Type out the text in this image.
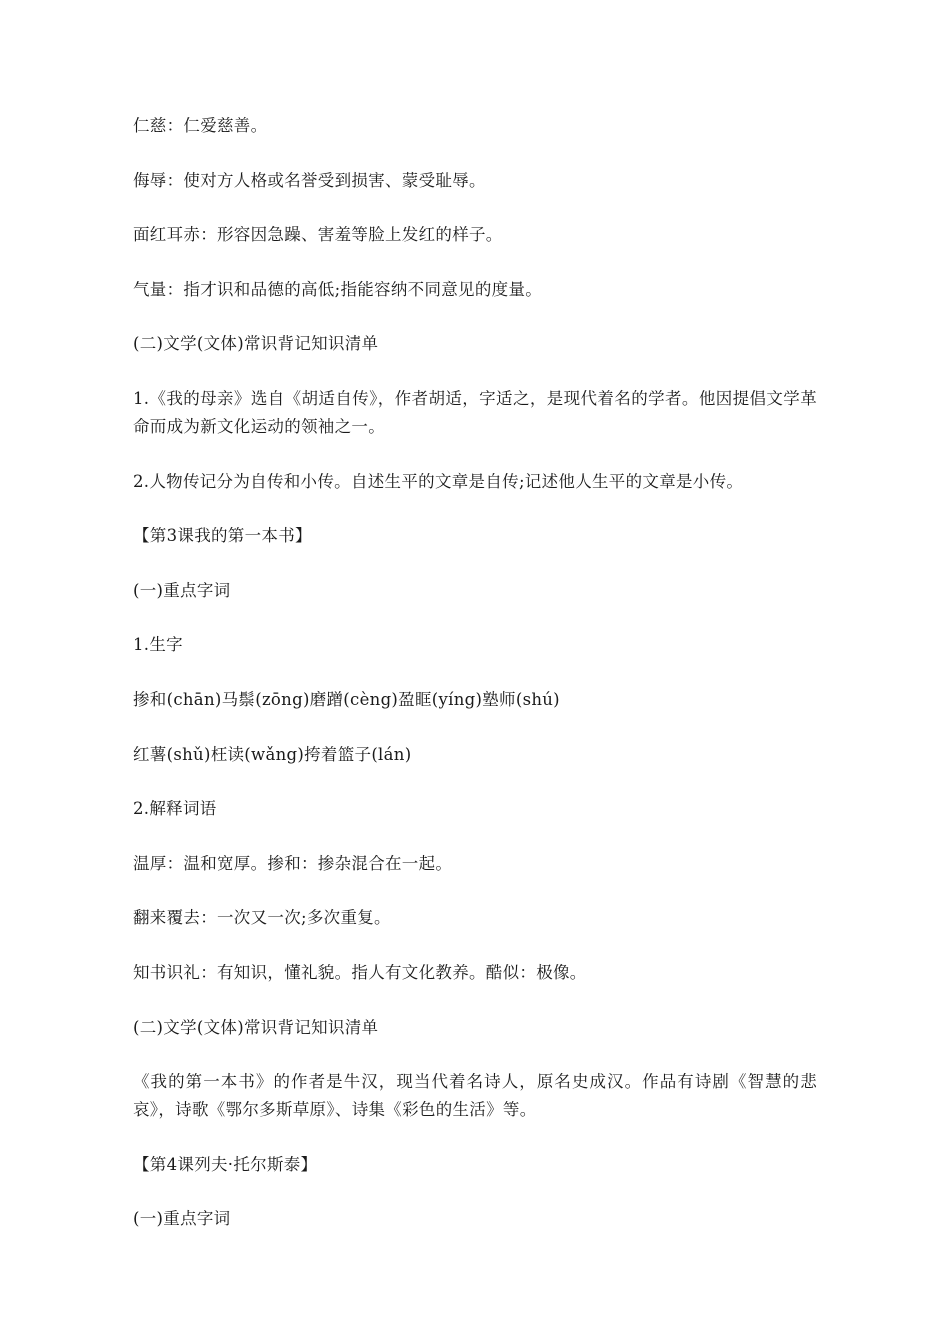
仁慈：仁爱慈善。

侮辱：使对方人格或名誉受到损害、蒙受耻辱。

面红耳赤：形容因急躁、害羞等脸上发红的样子。

气量：指才识和品德的高低;指能容纳不同意见的度量。

(二)文学(文体)常识背记知识清单

1.《我的母亲》选自《胡适自传》，作者胡适，字适之，是现代着名的学者。他因提倡文学革命而成为新文化运动的领袖之一。

2.人物传记分为自传和小传。自述生平的文章是自传;记述他人生平的文章是小传。

【第3课我的第一本书】

(一)重点字词

1.生字

掺和(chān)马鬃(zōng)磨蹭(cèng)盈眶(yíng)塾师(shú)

红薯(shǔ)枉读(wǎng)挎着篮子(lán)

2.解释词语

温厚：温和宽厚。掺和：掺杂混合在一起。

翻来覆去：一次又一次;多次重复。

知书识礼：有知识，懂礼貌。指人有文化教养。酷似：极像。

(二)文学(文体)常识背记知识清单

《我的第一本书》的作者是牛汉，现当代着名诗人，原名史成汉。作品有诗剧《智慧的悲哀》，诗歌《鄂尔多斯草原》、诗集《彩色的生活》等。

【第4课列夫·托尔斯泰】

(一)重点字词
